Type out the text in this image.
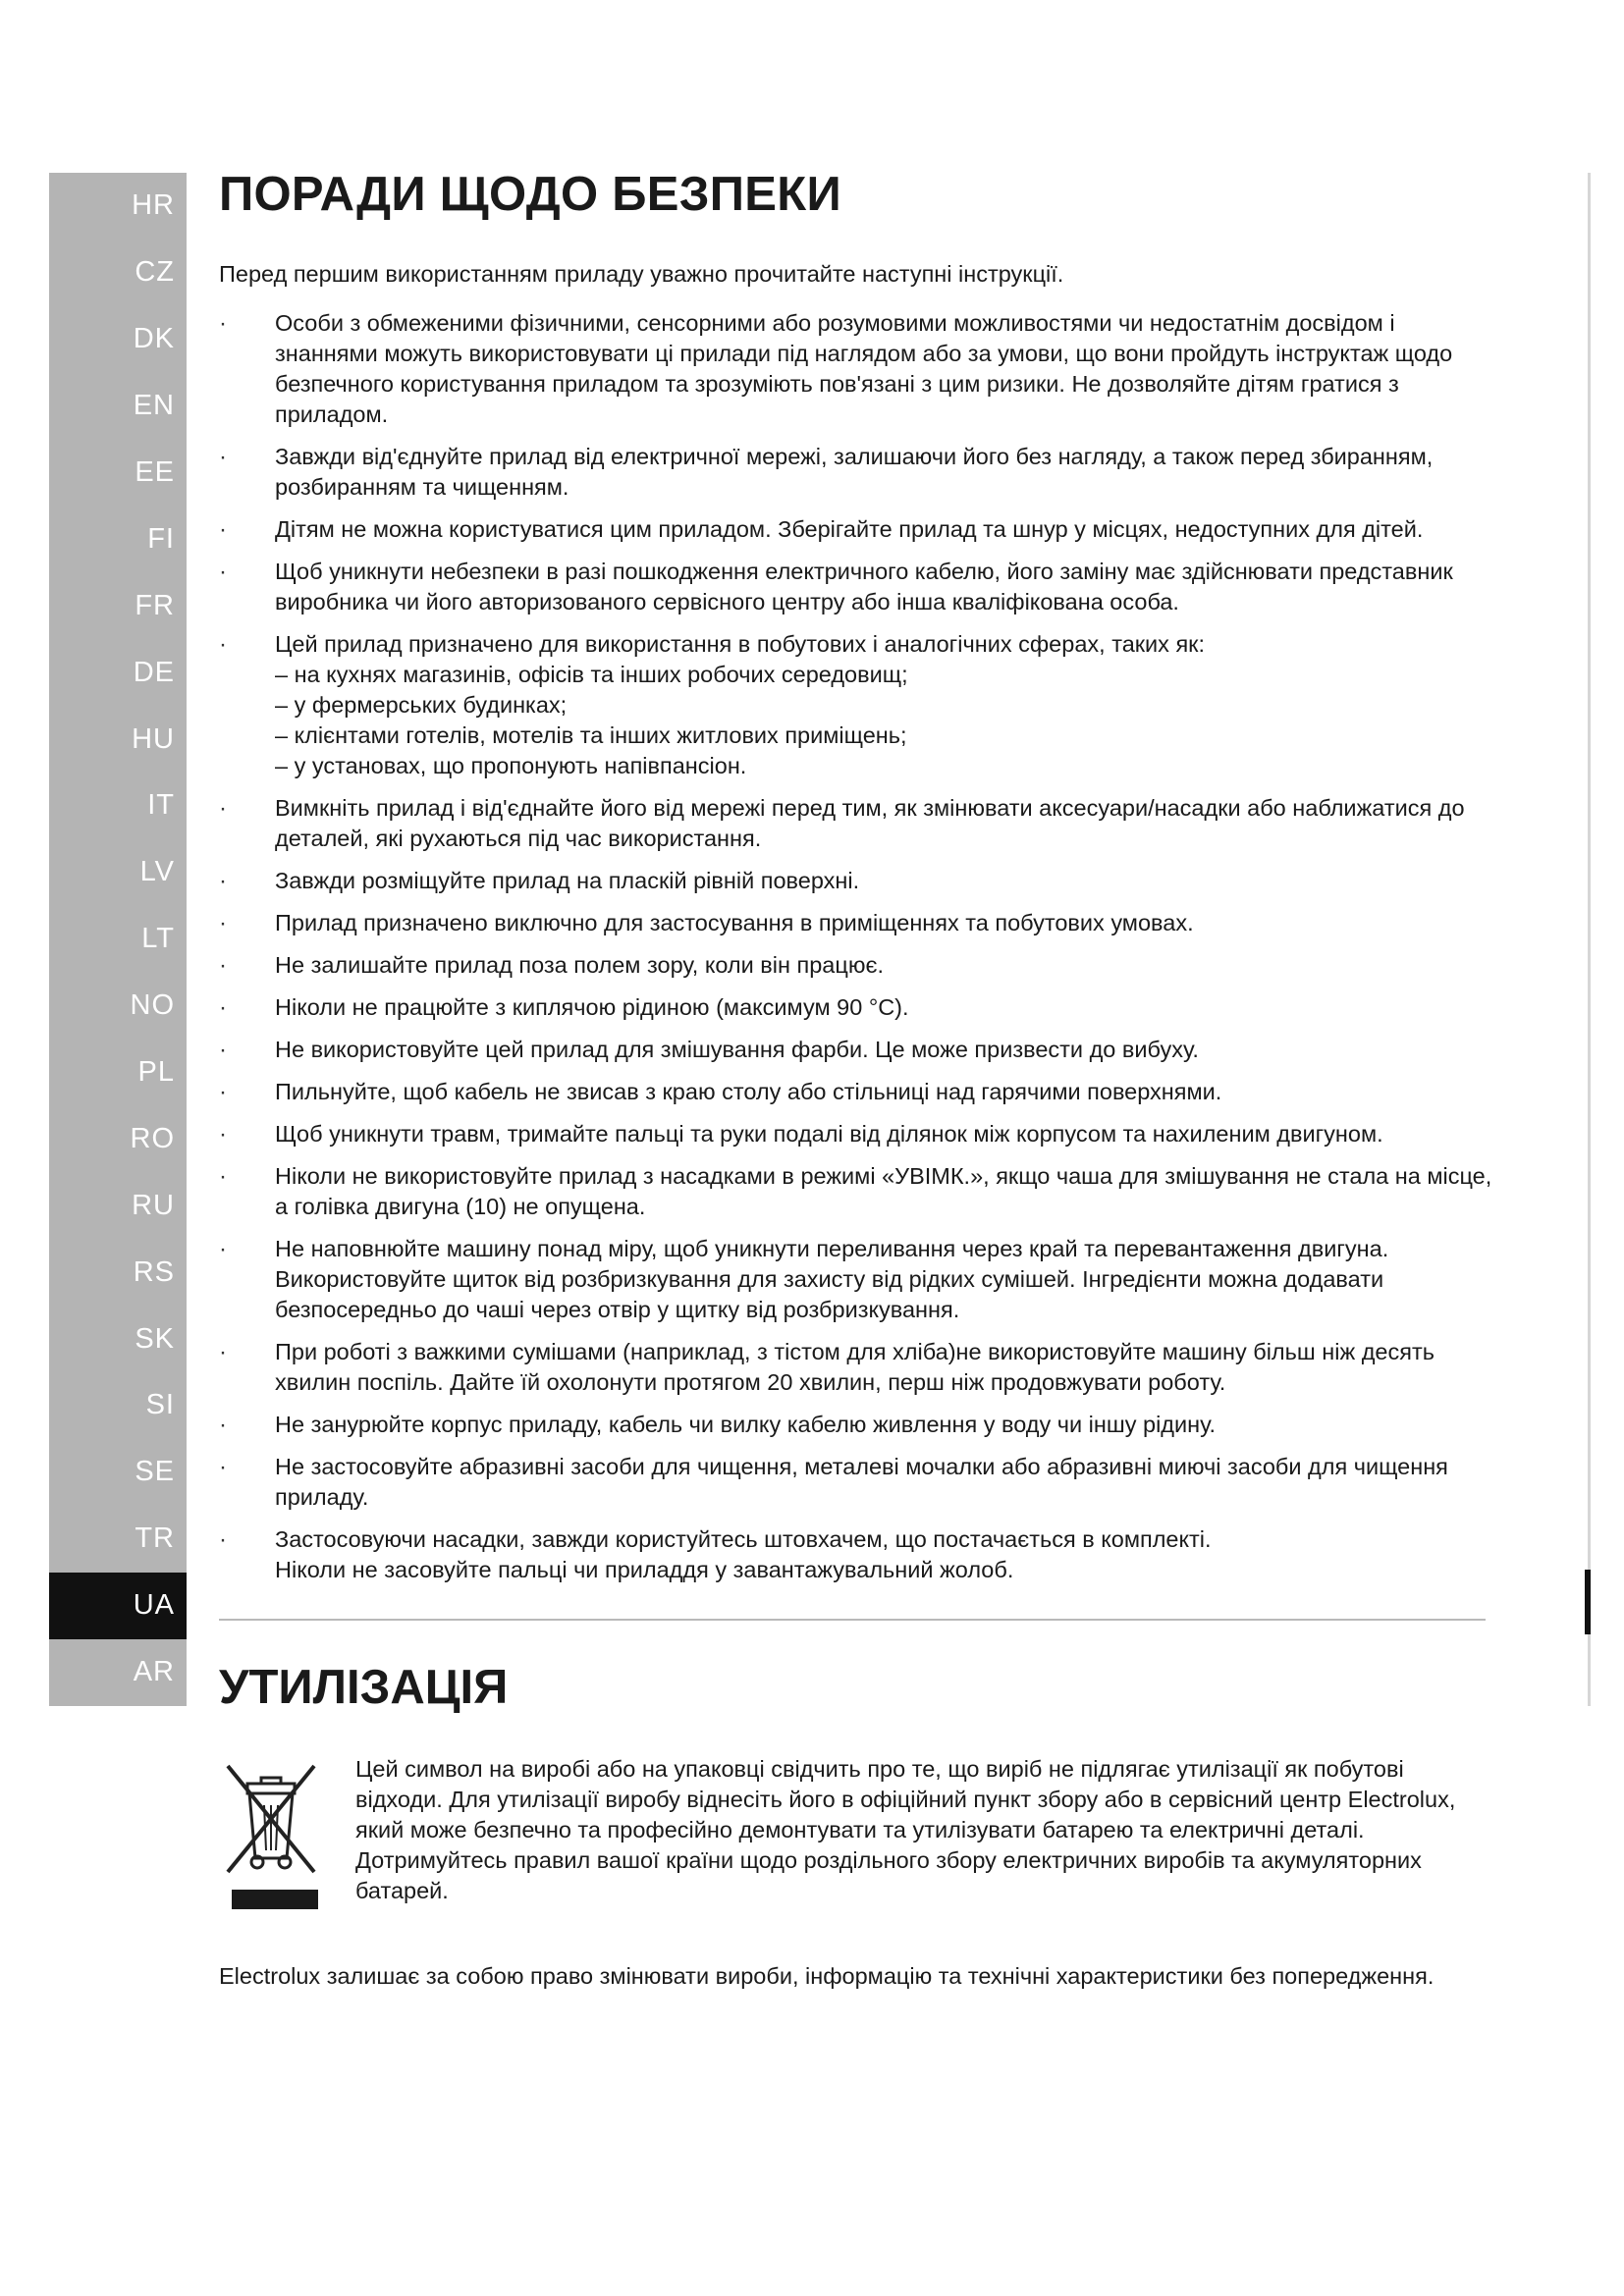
HR
CZ
DK
EN
EE
FI
FR
DE
HU
IT
LV
LT
NO
PL
RO
RU
RS
SK
SI
SE
TR
UA
AR
ПОРАДИ ЩОДО БЕЗПЕКИ

Перед першим використанням приладу уважно прочитайте наступні інструкції.

· Особи з обмеженими фізичними, сенсорними або розумовими можливостями чи недостатнім досвідом і знаннями можуть використовувати ці прилади під наглядом або за умови, що вони пройдуть інструктаж щодо безпечного користування приладом та зрозуміють пов'язані з цим ризики. Не дозволяйте дітям гратися з приладом.
· Завжди від'єднуйте прилад від електричної мережі, залишаючи його без нагляду, а також перед збиранням, розбиранням та чищенням.
· Дітям не можна користуватися цим приладом. Зберігайте прилад та шнур у місцях, недоступних для дітей.
· Щоб уникнути небезпеки в разі пошкодження електричного кабелю, його заміну має здійснювати представник виробника чи його авторизованого сервісного центру або інша кваліфікована особа.
· Цей прилад призначено для використання в побутових і аналогічних сферах, таких як:
– на кухнях магазинів, офісів та інших робочих середовищ;
– у фермерських будинках;
– клієнтами готелів, мотелів та інших житлових приміщень;
– у установах, що пропонують напівпансіон.
· Вимкніть прилад і від'єднайте його від мережі перед тим, як змінювати аксесуари/насадки або наближатися до деталей, які рухаються під час використання.
· Завжди розміщуйте прилад на пласкій рівній поверхні.
· Прилад призначено виключно для застосування в приміщеннях та побутових умовах.
· Не залишайте прилад поза полем зору, коли він працює.
· Ніколи не працюйте з киплячою рідиною (максимум 90 °C).
· Не використовуйте цей прилад для змішування фарби. Це може призвести до вибуху.
· Пильнуйте, щоб кабель не звисав з краю столу або стільниці над гарячими поверхнями.
· Щоб уникнути травм, тримайте пальці та руки подалі від ділянок між корпусом та нахиленим двигуном.
· Ніколи не використовуйте прилад з насадками в режимі «УВІМК.», якщо чаша для змішування не стала на місце, а голівка двигуна (10) не опущена.
· Не наповнюйте машину понад міру, щоб уникнути переливання через край та перевантаження двигуна. Використовуйте щиток від розбризкування для захисту від рідких сумішей. Інгредієнти можна додавати безпосередньо до чаші через отвір у щитку від розбризкування.
· При роботі з важкими сумішами (наприклад, з тістом для хліба)не використовуйте машину більш ніж десять хвилин поспіль. Дайте їй охолонути протягом 20 хвилин, перш ніж продовжувати роботу.
· Не занурюйте корпус приладу, кабель чи вилку кабелю живлення у воду чи іншу рідину.
· Не застосовуйте абразивні засоби для чищення, металеві мочалки або абразивні миючі засоби для чищення приладу.
· Застосовуючи насадки, завжди користуйтесь штовхачем, що постачається в комплекті.
Ніколи не засовуйте пальці чи приладдя у завантажувальний жолоб.
УТИЛІЗАЦІЯ

Цей символ на виробі або на упаковці свідчить про те, що виріб не підлягає утилізації як побутові відходи. Для утилізації виробу віднесіть його в офіційний пункт збору або в сервісний центр Electrolux, який може безпечно та професійно демонтувати та утилізувати батарею та електричні деталі. Дотримуйтесь правил вашої країни щодо роздільного збору електричних виробів та акумуляторних батарей.

Electrolux залишає за собою право змінювати вироби, інформацію та технічні характеристики без попередження.
